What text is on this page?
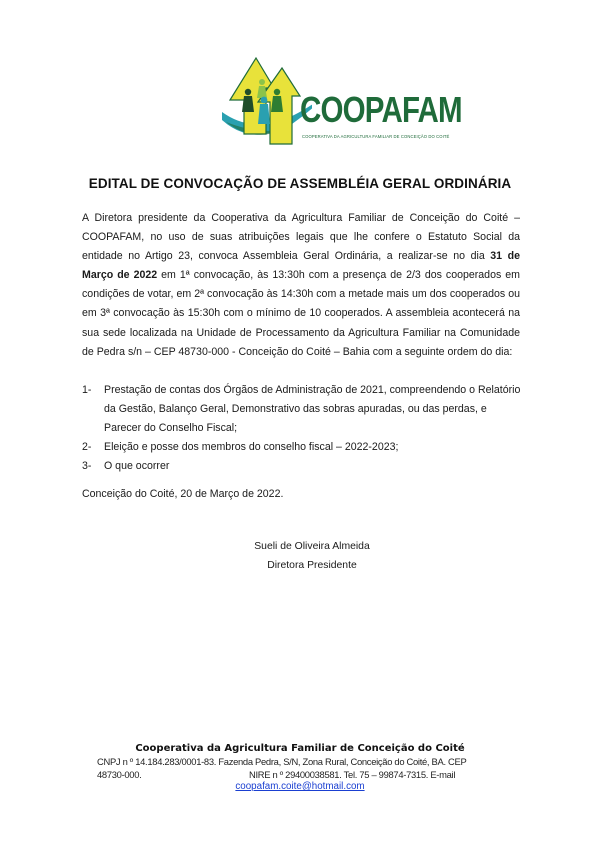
COOPAFAM
COOPERATIVA DA AGRICULTURA FAMILIAR DE CONCEIÇÃO DO COITÉ
EDITAL DE CONVOCAÇÃO DE ASSEMBLÉIA GERAL ORDINÁRIA
A Diretora presidente da Cooperativa da Agricultura Familiar de Conceição do Coité – COOPAFAM, no uso de suas atribuições legais que lhe confere o Estatuto Social da entidade no Artigo 23, convoca Assembleia Geral Ordinária, a realizar-se no dia 31 de Março de 2022 em 1ª convocação, às 13:30h com a presença de 2/3 dos cooperados em condições de votar, em 2ª convocação às 14:30h com a metade mais um dos cooperados ou em 3ª convocação às 15:30h com o mínimo de 10 cooperados. A assembleia acontecerá na sua sede localizada na Unidade de Processamento da Agricultura Familiar na Comunidade de Pedra s/n – CEP 48730-000 - Conceição do Coité – Bahia com a seguinte ordem do dia:
1- Prestação de contas dos Órgãos de Administração de 2021, compreendendo o Relatório da Gestão, Balanço Geral, Demonstrativo das sobras apuradas, ou das perdas, e Parecer do Conselho Fiscal;
2- Eleição e posse dos membros do conselho fiscal – 2022-2023;
3- O que ocorrer
Conceição do Coité, 20 de Março de 2022.
Sueli de Oliveira Almeida
Diretora Presidente
Cooperativa da Agricultura Familiar de Conceição do Coité
CNPJ n º 14.184.283/0001-83. Fazenda Pedra, S/N, Zona Rural, Conceição do Coité, BA. CEP
48730-000.	NIRE n º 29400038581. Tel. 75 – 99874-7315. E-mail
coopafam.coite@hotmail.com
